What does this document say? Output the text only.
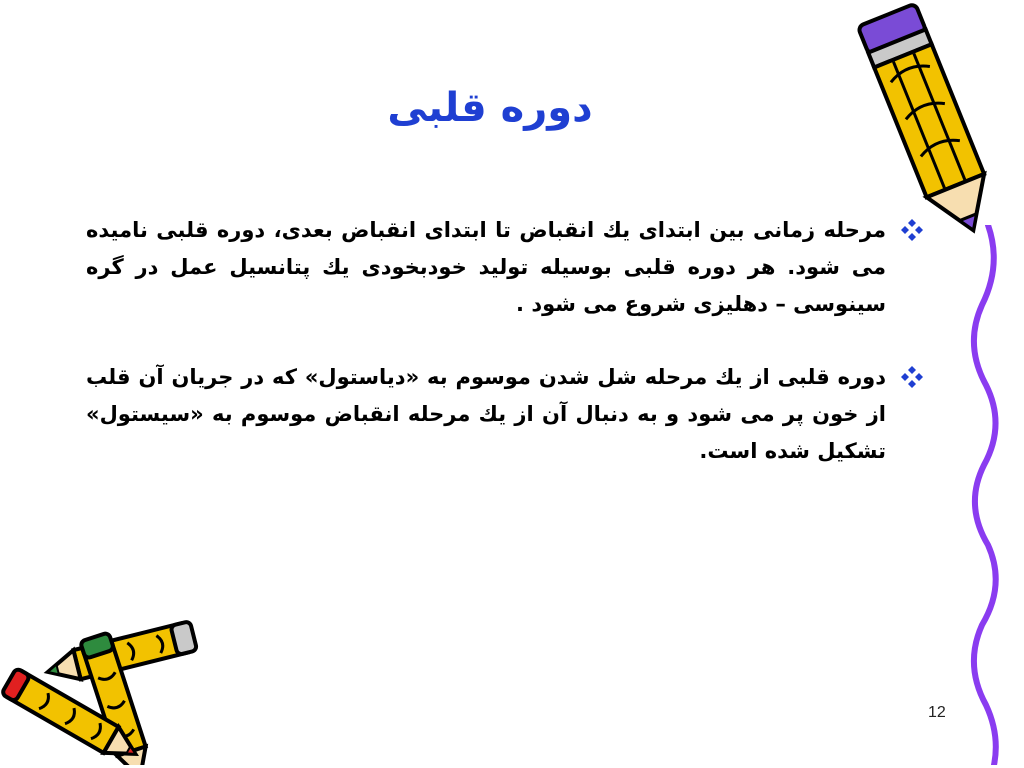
دوره قلبی
مرحله زمانی بین ابتدای یك انقباض تا ابتدای انقباض بعدی، دوره قلبی نامیده می شود. هر دوره قلبی بوسیله تولید خودبخودی یك پتانسیل عمل در گره سینوسی – دهلیزی شروع می شود .
دوره قلبی از یك مرحله شل شدن موسوم به «دیاستول» كه در جریان آن قلب از خون پر می شود و به دنبال آن از یك مرحله انقباض موسوم به «سیستول» تشكیل شده است.
12
